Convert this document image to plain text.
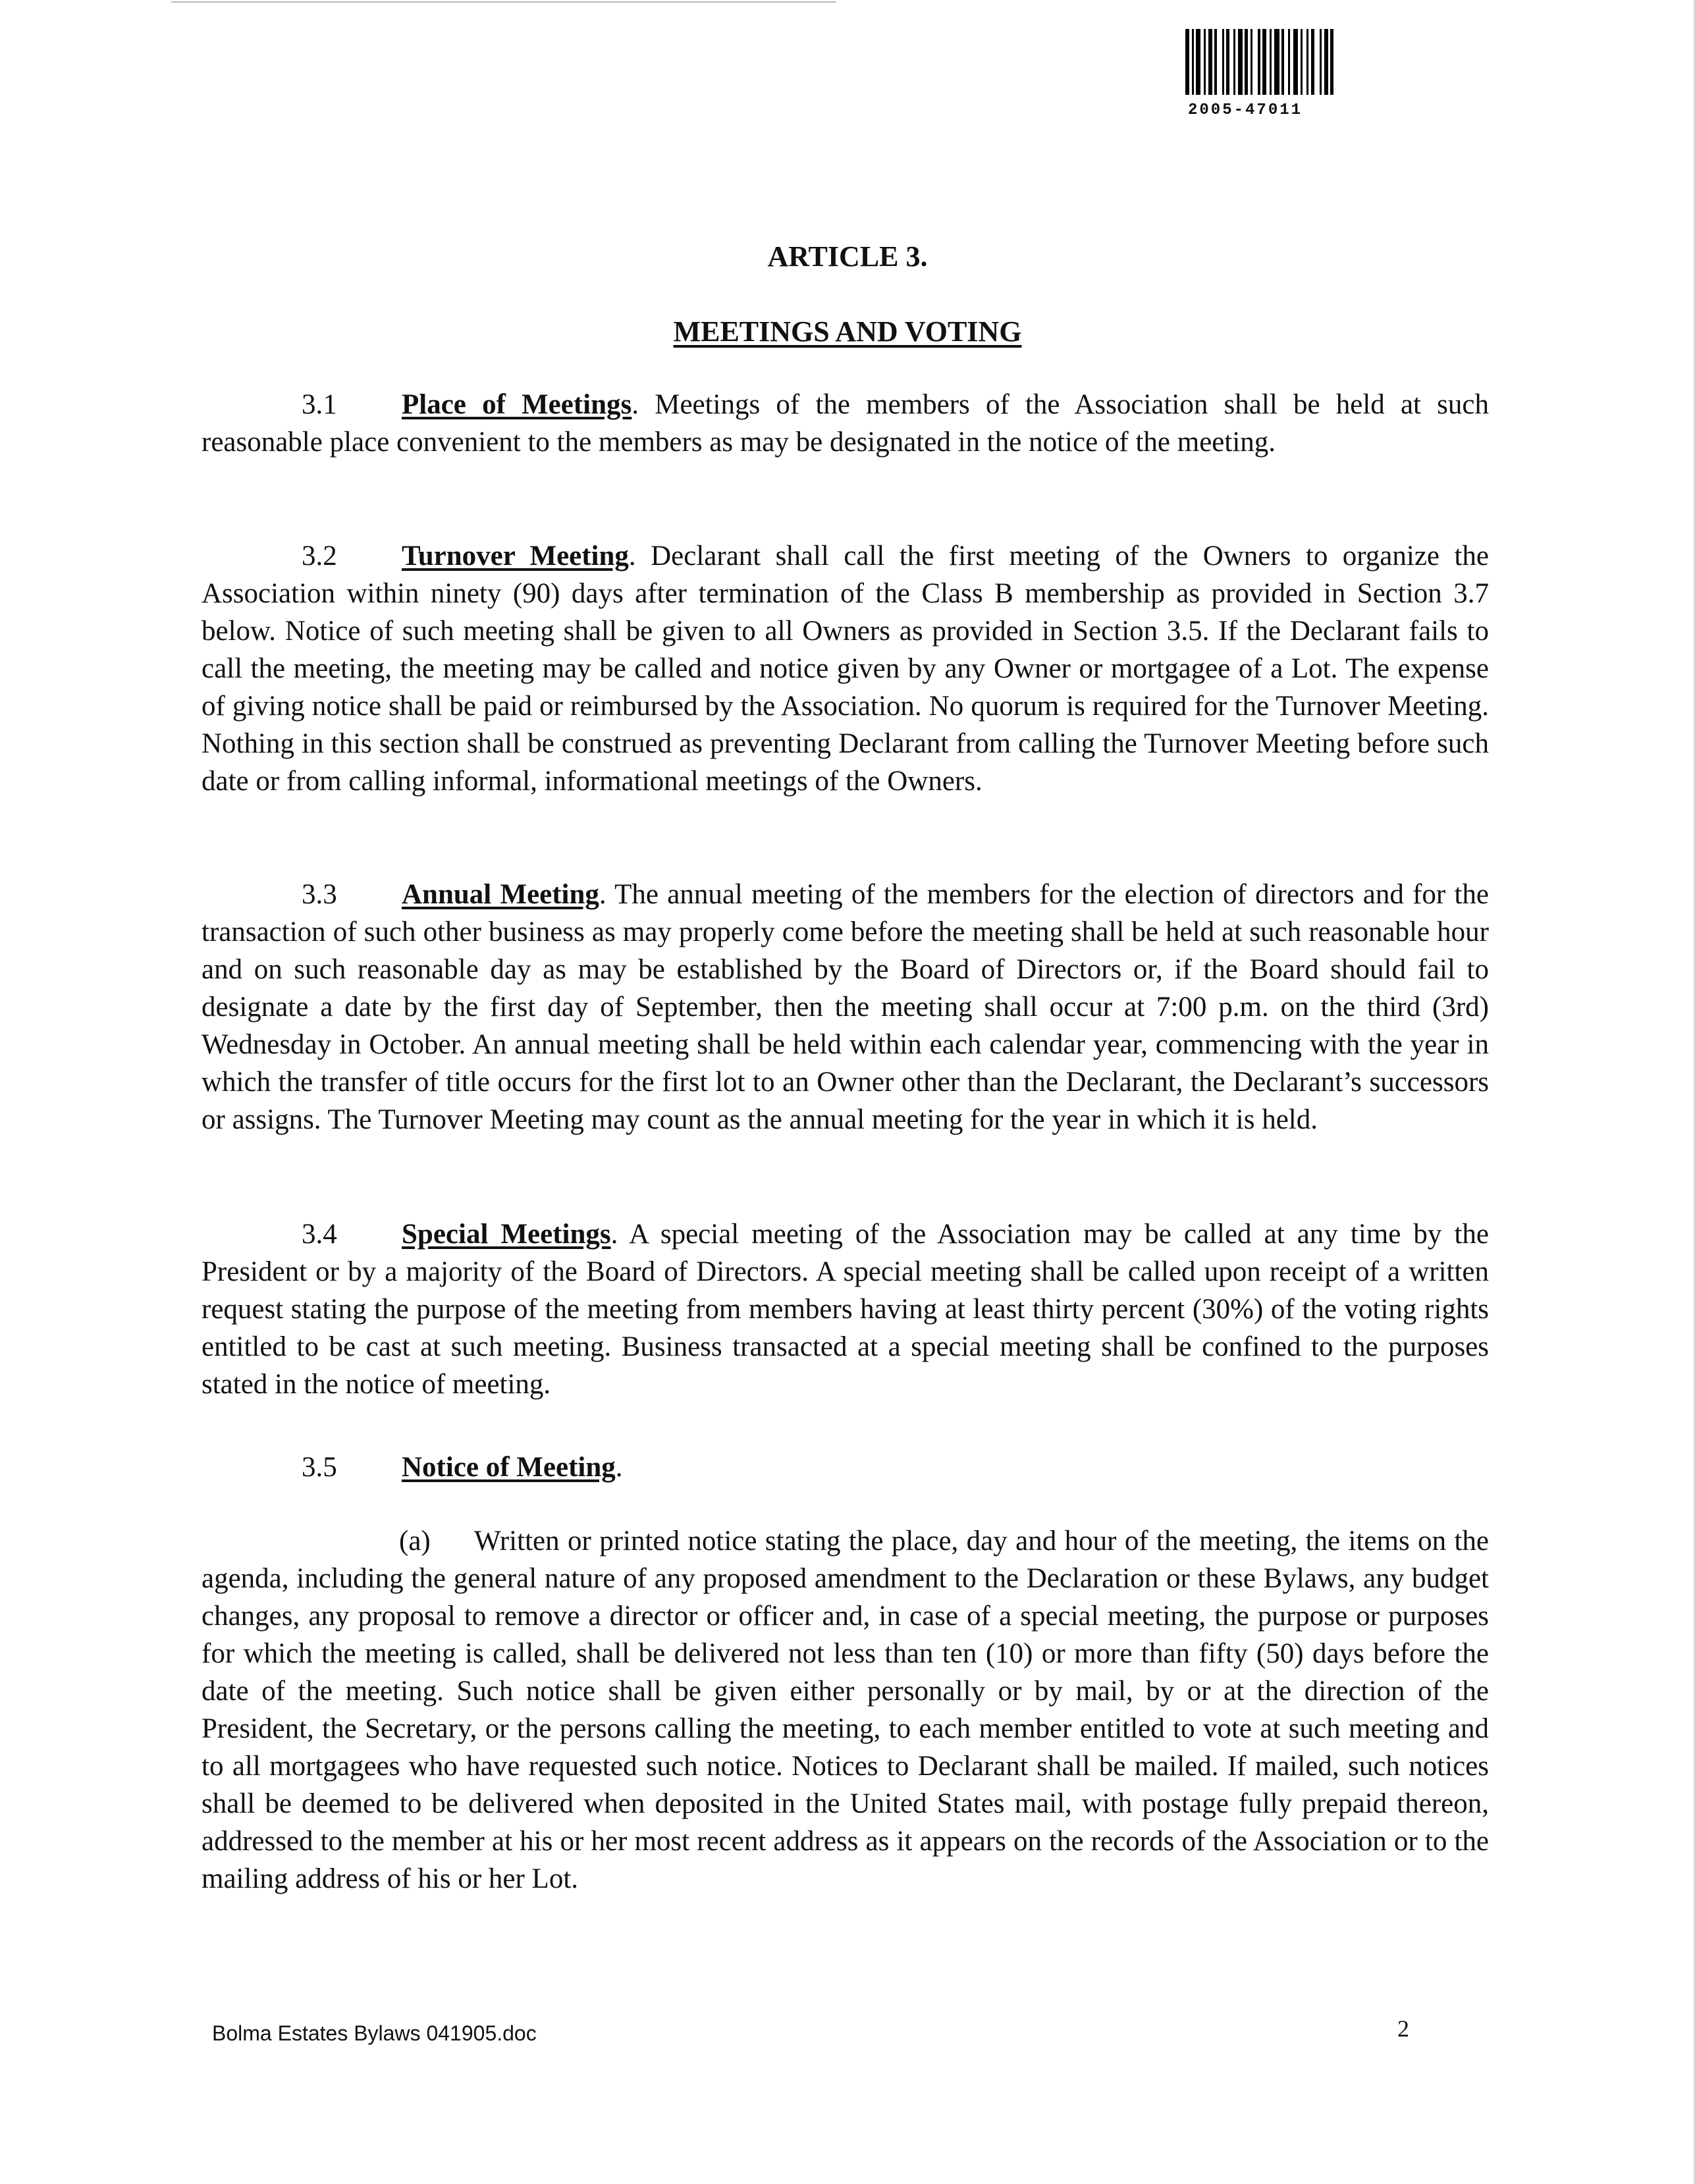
2005-47011
ARTICLE 3.
MEETINGS AND VOTING

3.1 Place of Meetings. Meetings of the members of the Association shall be held at such reasonable place convenient to the members as may be designated in the notice of the meeting.

3.2 Turnover Meeting. Declarant shall call the first meeting of the Owners to organize the Association within ninety (90) days after termination of the Class B membership as provided in Section 3.7 below. Notice of such meeting shall be given to all Owners as provided in Section 3.5. If the Declarant fails to call the meeting, the meeting may be called and notice given by any Owner or mortgagee of a Lot. The expense of giving notice shall be paid or reimbursed by the Association. No quorum is required for the Turnover Meeting. Nothing in this section shall be construed as preventing Declarant from calling the Turnover Meeting before such date or from calling informal, informational meetings of the Owners.

3.3 Annual Meeting. The annual meeting of the members for the election of directors and for the transaction of such other business as may properly come before the meeting shall be held at such reasonable hour and on such reasonable day as may be established by the Board of Directors or, if the Board should fail to designate a date by the first day of September, then the meeting shall occur at 7:00 p.m. on the third (3rd) Wednesday in October. An annual meeting shall be held within each calendar year, commencing with the year in which the transfer of title occurs for the first lot to an Owner other than the Declarant, the Declarant’s successors or assigns. The Turnover Meeting may count as the annual meeting for the year in which it is held.

3.4 Special Meetings. A special meeting of the Association may be called at any time by the President or by a majority of the Board of Directors. A special meeting shall be called upon receipt of a written request stating the purpose of the meeting from members having at least thirty percent (30%) of the voting rights entitled to be cast at such meeting. Business transacted at a special meeting shall be confined to the purposes stated in the notice of meeting.

3.5 Notice of Meeting.

(a) Written or printed notice stating the place, day and hour of the meeting, the items on the agenda, including the general nature of any proposed amendment to the Declaration or these Bylaws, any budget changes, any proposal to remove a director or officer and, in case of a special meeting, the purpose or purposes for which the meeting is called, shall be delivered not less than ten (10) or more than fifty (50) days before the date of the meeting. Such notice shall be given either personally or by mail, by or at the direction of the President, the Secretary, or the persons calling the meeting, to each member entitled to vote at such meeting and to all mortgagees who have requested such notice. Notices to Declarant shall be mailed. If mailed, such notices shall be deemed to be delivered when deposited in the United States mail, with postage fully prepaid thereon, addressed to the member at his or her most recent address as it appears on the records of the Association or to the mailing address of his or her Lot.

Bolma Estates Bylaws 041905.doc	2
